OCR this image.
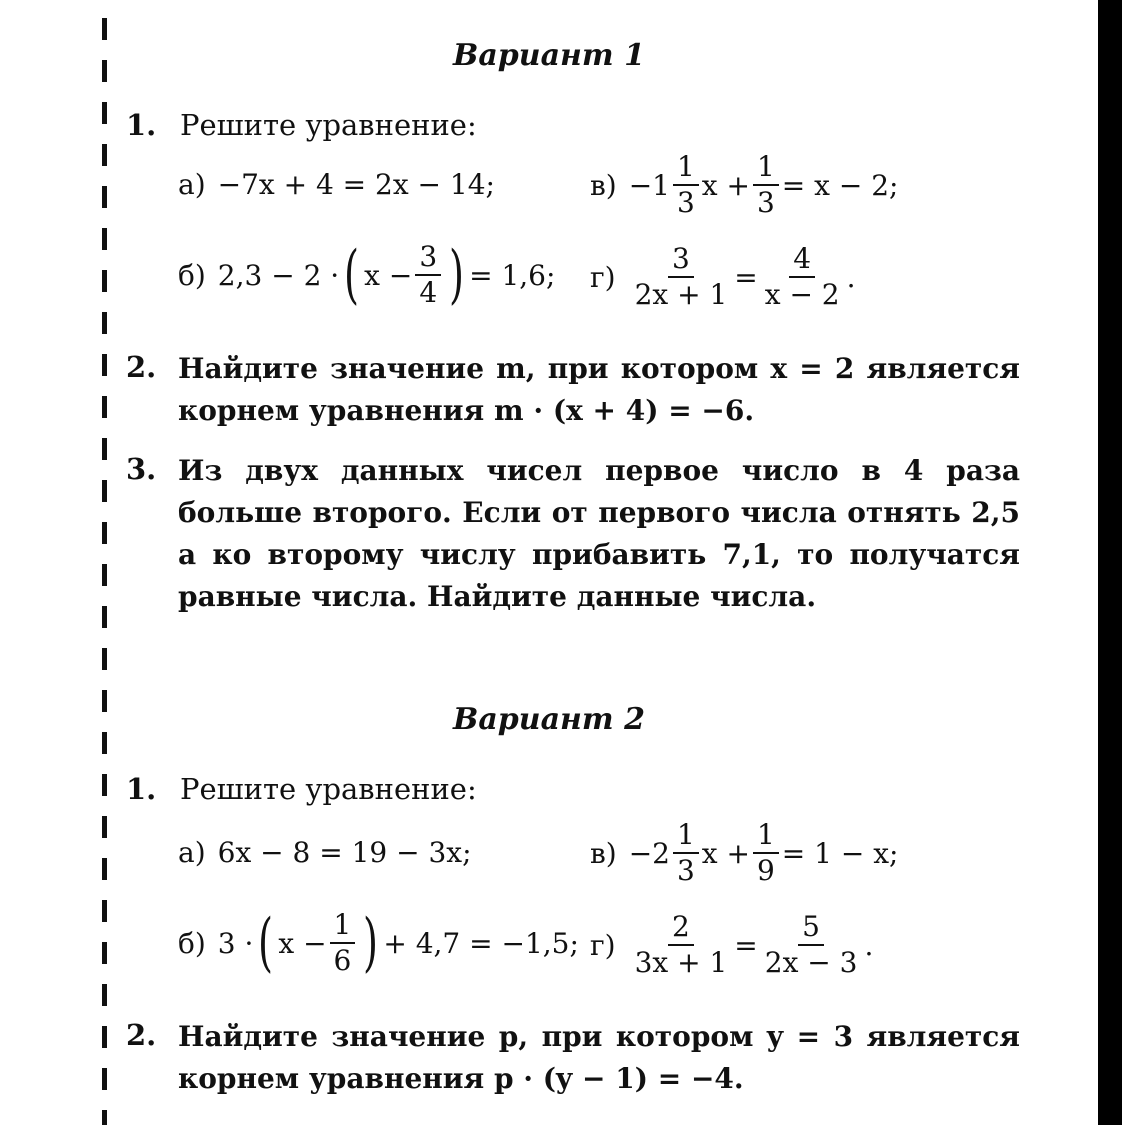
Вариант 1
1. Решите уравнение:
а) −7x + 4 = 2x − 14;	$в) -1 \frac{1}{3}$ $x + \frac{1}{3} = x - 2$;
б) 2,3 − 2 · ( $x - \frac{3}{4}$ ) = 1,6; $г) \frac{3}{2x + 1} = \frac{4}{x - 2}$ .
2. Найдите значение m, при котором x = 2 является корнем уравнения m · (x + 4) = −6.
3. Из двух данных чисел первое число в 4 раза больше второго. Если от первого числа отнять 2,5 а ко второму числу прибавить 7,1, то получатся равные числа. Найдите данные числа.
Вариант 2
1. Решите уравнение:
а) 6x − 8 = 19 − 3x;	$в) -2 \frac{1}{3}$ $x + \frac{1}{9} = 1 - x$;
б) 3 · ( $x - \frac{1}{6}$ ) + 4,7 = −1,5; $г) \frac{2}{3x + 1} = \frac{5}{2x - 3}$ .
2. Найдите значение p, при котором y = 3 является корнем уравнения p · (y − 1) = −4.
